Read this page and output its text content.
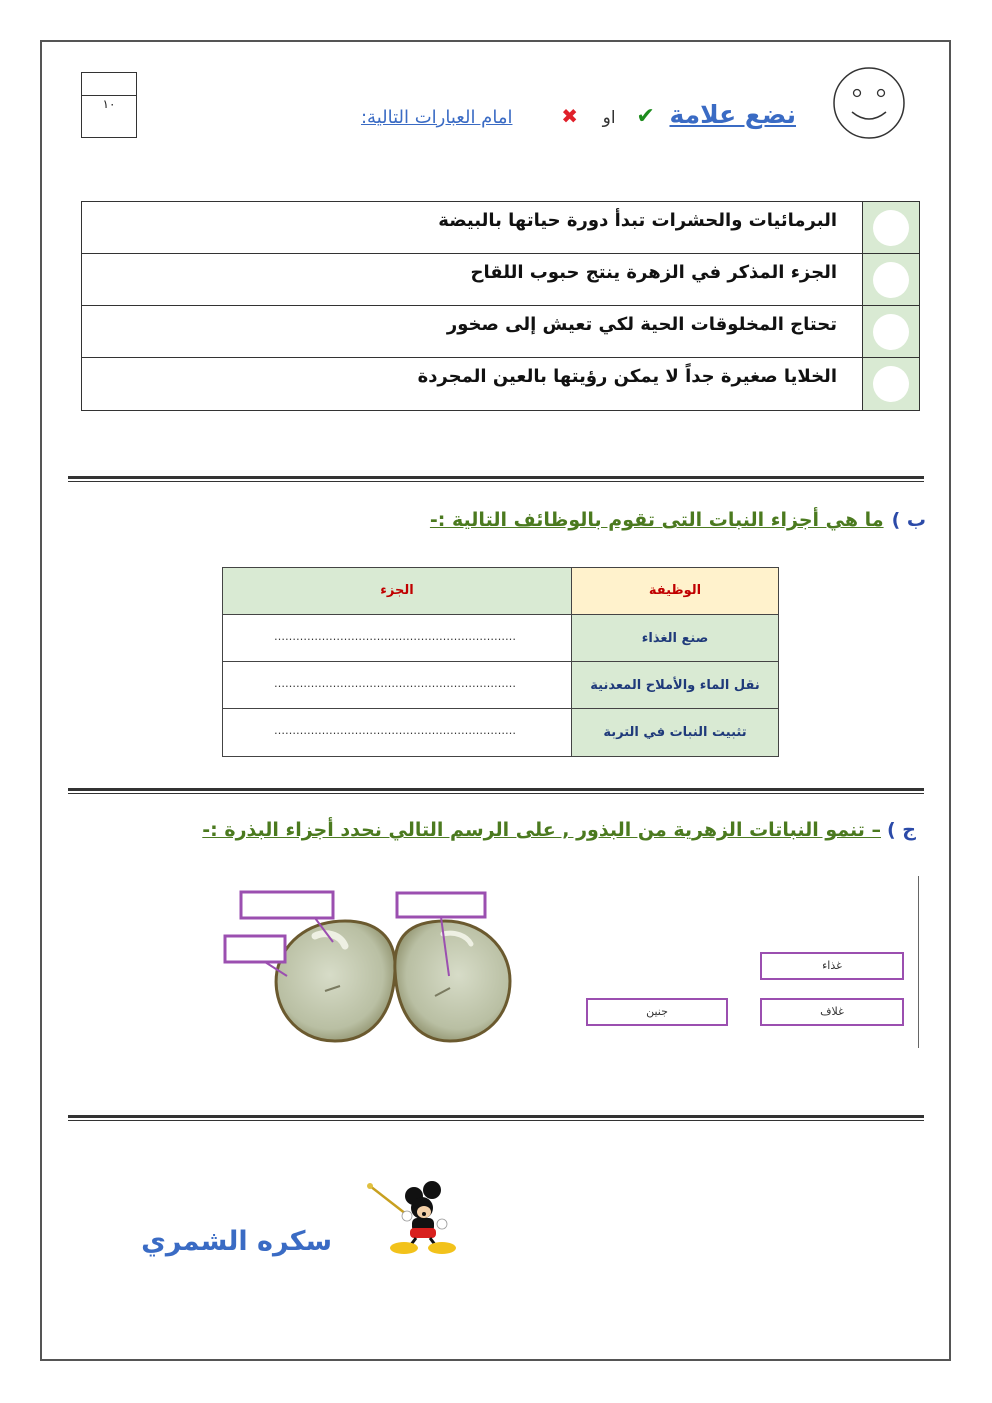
١٠	نضع علامة ✔ او ✖ امام العبارات التالية:
البرمائيات والحشرات تبدأ دورة حياتها بالبيضة
الجزء المذكر في الزهرة ينتج حبوب اللقاح
تحتاج المخلوقات الحية لكي تعيش إلى صخور
الخلايا صغيرة جداً لا يمكن رؤيتها بالعين المجردة
ب )ما هي أجزاء النبات التى تقوم بالوظائف التالية :-
الوظيفة
الجزء
صنع الغذاء
…………………………………………………………
نقل الماء والأملاح المعدنية
…………………………………………………………
تثبيت النبات في التربة
…………………………………………………………
ج )– تنمو النباتات الزهرية من البذور , على الرسم التالي نحدد أجزاء البذرة :-
غذاء
غلاف
جنين
سكره الشمري
